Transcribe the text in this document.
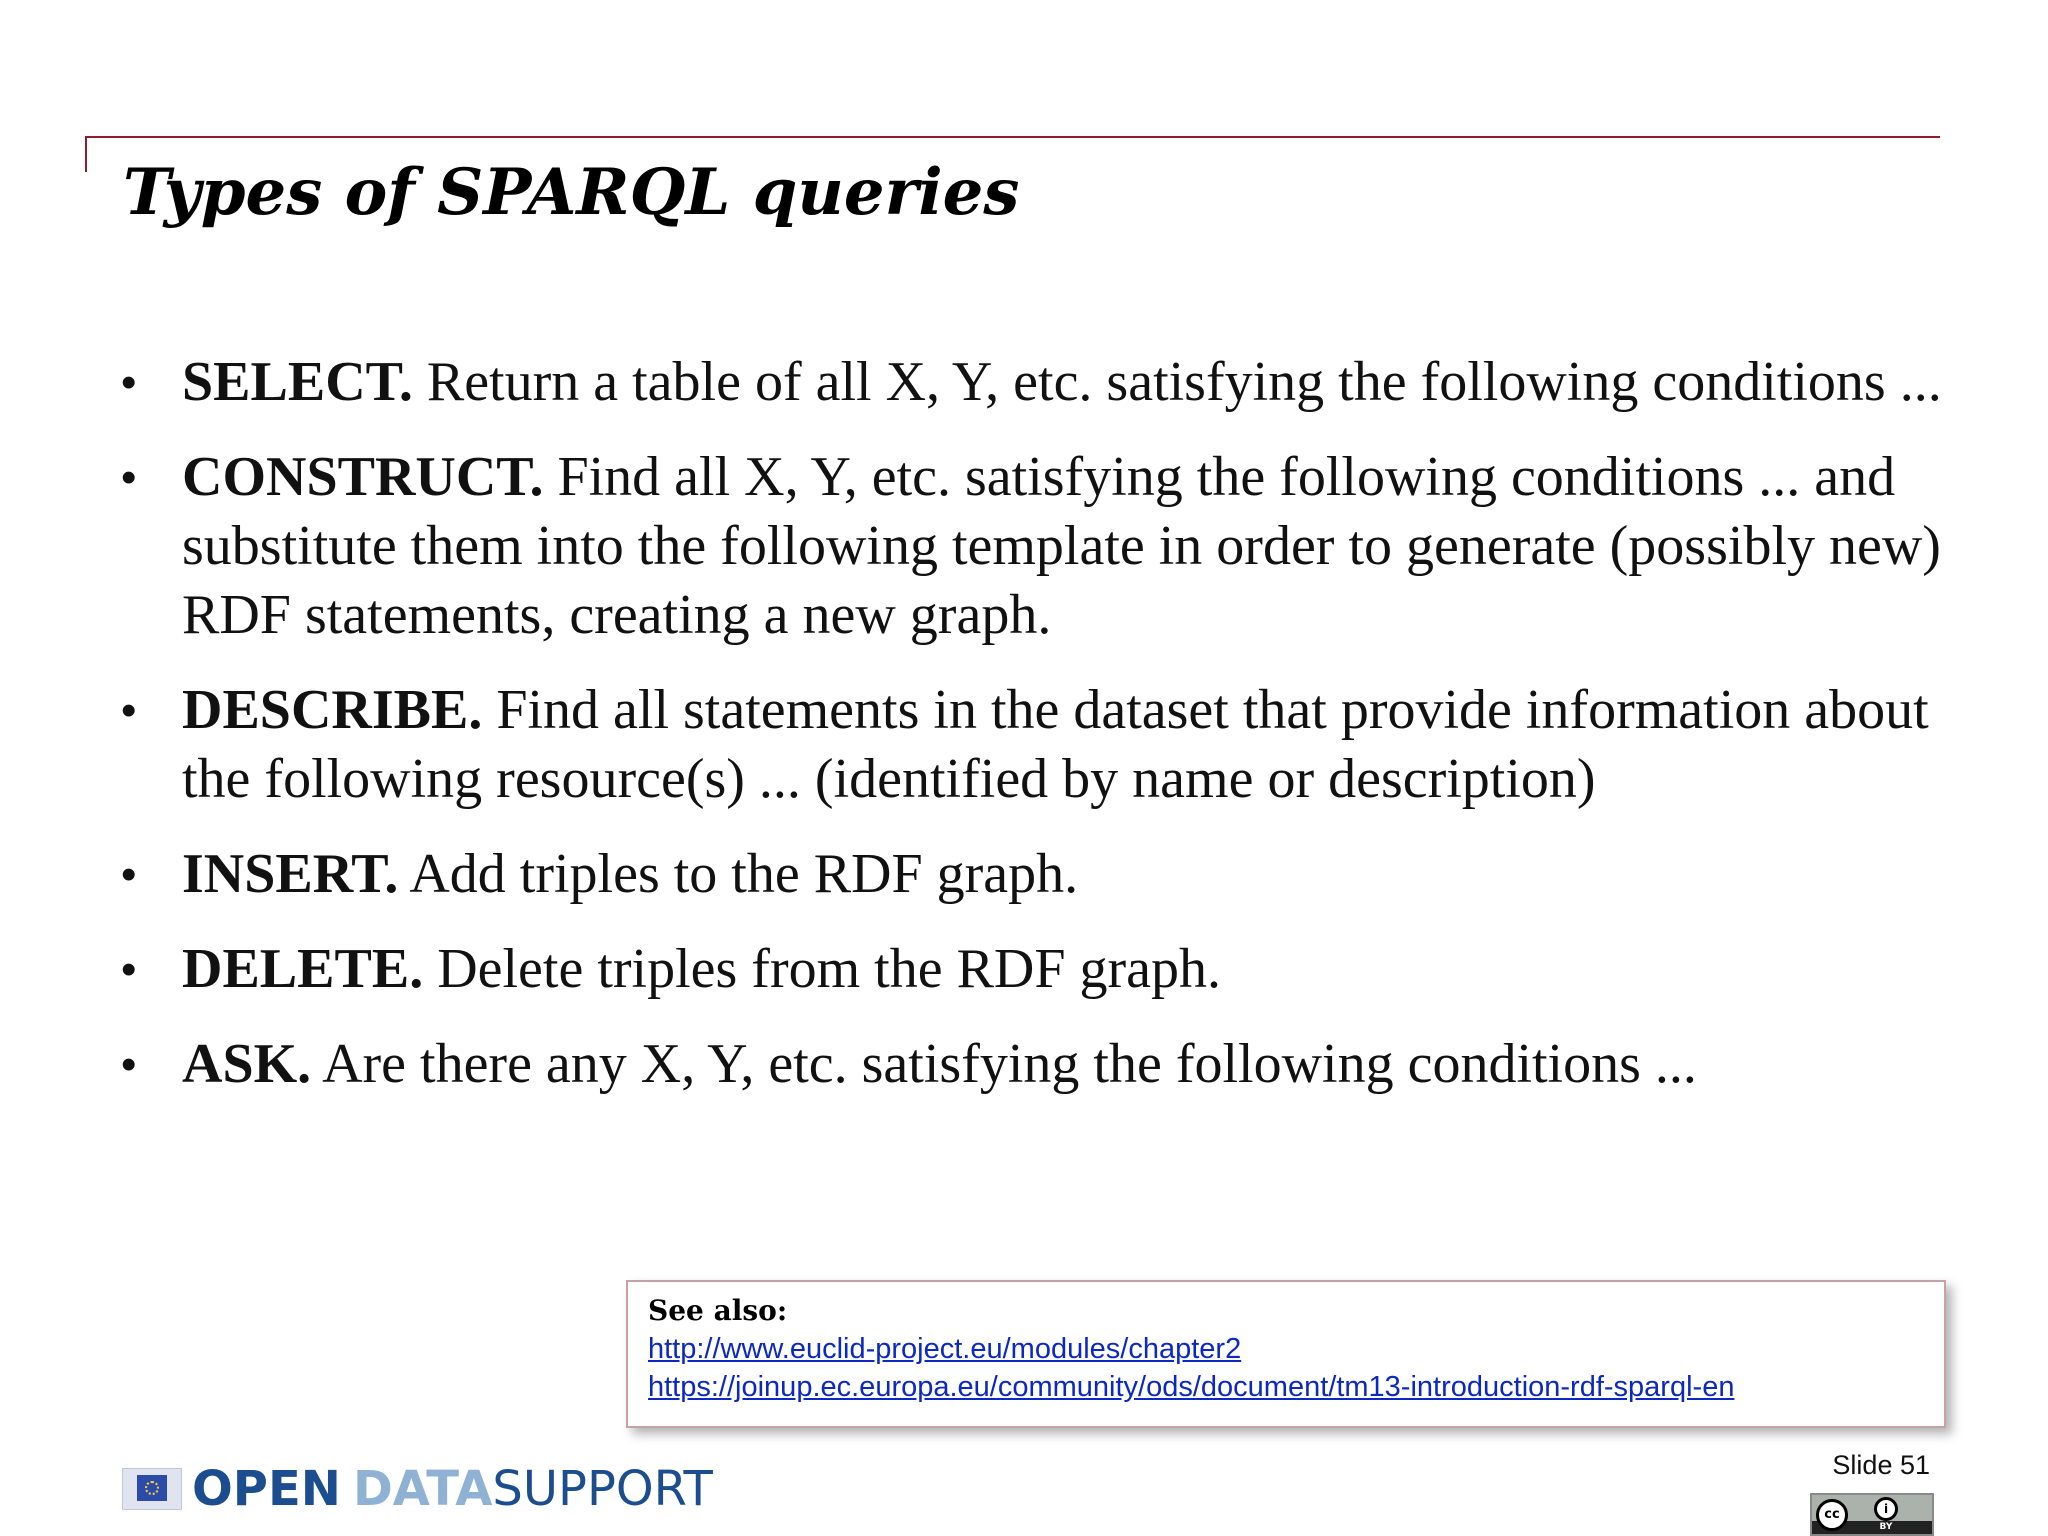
Types of SPARQL queries
• SELECT. Return a table of all X, Y, etc. satisfying the following conditions ...
• CONSTRUCT. Find all X, Y, etc. satisfying the following conditions ... and substitute them into the following template in order to generate (possibly new) RDF statements, creating a new graph.
• DESCRIBE. Find all statements in the dataset that provide information about the following resource(s) ... (identified by name or description)
• INSERT. Add triples to the RDF graph.
• DELETE. Delete triples from the RDF graph.
• ASK. Are there any X, Y, etc. satisfying the following conditions ...
See also:
http://www.euclid-project.eu/modules/chapter2
https://joinup.ec.europa.eu/community/ods/document/tm13-introduction-rdf-sparql-en
OPEN DATASUPPORT	Slide 51
cc	i
BY
